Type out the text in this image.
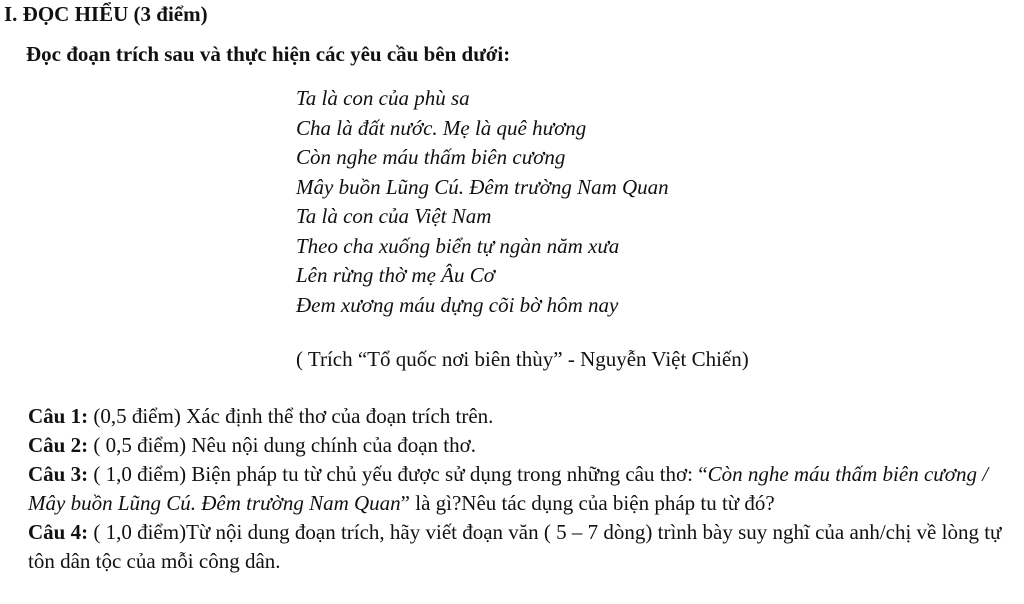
I. ĐỌC HIỂU (3 điểm)
Đọc đoạn trích sau và thực hiện các yêu cầu bên dưới:
Ta là con của phù sa
Cha là đất nước. Mẹ là quê hương
Còn nghe máu thấm biên cương
Mây buồn Lũng Cú. Đêm trường Nam Quan
Ta là con của Việt Nam
Theo cha xuống biển tự ngàn năm xưa
Lên rừng thờ mẹ Âu Cơ
Đem xương máu dựng cõi bờ hôm nay
( Trích “Tổ quốc nơi biên thùy” - Nguyễn Việt Chiến)
Câu 1: (0,5 điểm) Xác định thể thơ của đoạn trích trên.
Câu 2: ( 0,5 điểm) Nêu nội dung chính của đoạn thơ.
Câu 3: ( 1,0 điểm) Biện pháp tu từ chủ yếu được sử dụng trong những câu thơ: “Còn nghe máu thấm biên cương / Mây buồn Lũng Cú. Đêm trường Nam Quan” là gì?Nêu tác dụng của biện pháp tu từ đó?
Câu 4: ( 1,0 điểm)Từ nội dung đoạn trích, hãy viết đoạn văn ( 5 – 7 dòng) trình bày suy nghĩ của anh/chị về lòng tự tôn dân tộc của mỗi công dân.
